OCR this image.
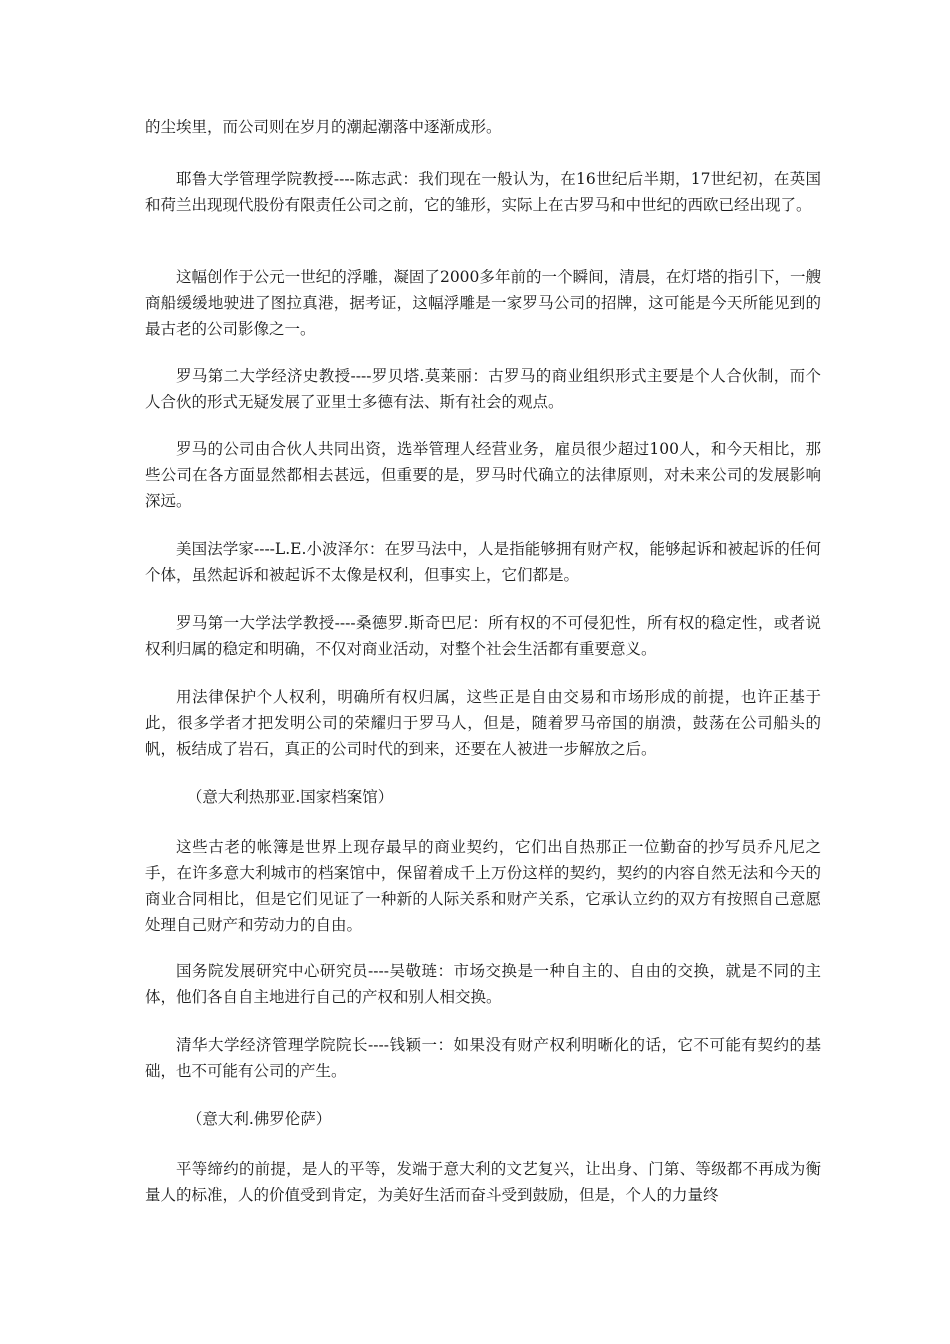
的尘埃里，而公司则在岁月的潮起潮落中逐渐成形。

耶鲁大学管理学院教授----陈志武：我们现在一般认为，在16世纪后半期，17世纪初，在英国和荷兰出现现代股份有限责任公司之前，它的雏形，实际上在古罗马和中世纪的西欧已经出现了。

这幅创作于公元一世纪的浮雕，凝固了2000多年前的一个瞬间，清晨，在灯塔的指引下，一艘商船缓缓地驶进了图拉真港，据考证，这幅浮雕是一家罗马公司的招牌，这可能是今天所能见到的最古老的公司影像之一。

罗马第二大学经济史教授----罗贝塔.莫莱丽：古罗马的商业组织形式主要是个人合伙制，而个人合伙的形式无疑发展了亚里士多德有法、斯有社会的观点。

罗马的公司由合伙人共同出资，选举管理人经营业务，雇员很少超过100人，和今天相比，那些公司在各方面显然都相去甚远，但重要的是，罗马时代确立的法律原则，对未来公司的发展影响深远。

美国法学家----L.E.小波泽尔：在罗马法中，人是指能够拥有财产权，能够起诉和被起诉的任何个体，虽然起诉和被起诉不太像是权利，但事实上，它们都是。

罗马第一大学法学教授----桑德罗.斯奇巴尼：所有权的不可侵犯性，所有权的稳定性，或者说权利归属的稳定和明确，不仅对商业活动，对整个社会生活都有重要意义。

用法律保护个人权利，明确所有权归属，这些正是自由交易和市场形成的前提，也许正基于此，很多学者才把发明公司的荣耀归于罗马人，但是，随着罗马帝国的崩溃，鼓荡在公司船头的帆，板结成了岩石，真正的公司时代的到来，还要在人被进一步解放之后。

（意大利热那亚.国家档案馆）

这些古老的帐簿是世界上现存最早的商业契约，它们出自热那正一位勤奋的抄写员乔凡尼之手，在许多意大利城市的档案馆中，保留着成千上万份这样的契约，契约的内容自然无法和今天的商业合同相比，但是它们见证了一种新的人际关系和财产关系，它承认立约的双方有按照自己意愿处理自己财产和劳动力的自由。

国务院发展研究中心研究员----吴敬琏：市场交换是一种自主的、自由的交换，就是不同的主体，他们各自自主地进行自己的产权和别人相交换。

清华大学经济管理学院院长----钱颖一：如果没有财产权利明晰化的话，它不可能有契约的基础，也不可能有公司的产生。

（意大利.佛罗伦萨）

平等缔约的前提，是人的平等，发端于意大利的文艺复兴，让出身、门第、等级都不再成为衡量人的标准，人的价值受到肯定，为美好生活而奋斗受到鼓励，但是，个人的力量终
